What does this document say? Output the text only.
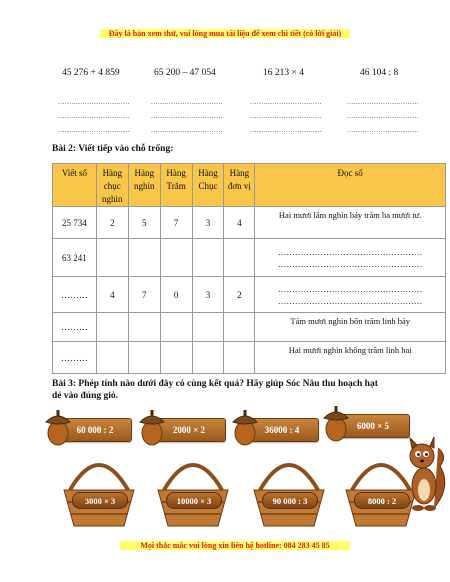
Đây là bản xem thử, vui lòng mua tài liệu để xem chi tiết (có lời giải)
45 276 + 4 859	65 200 – 47 054	16 213 × 4	46 104 : 8
................................	................................	................................	................................
................................	................................	................................	................................
................................	................................	................................	................................
Bài 2: Viết tiếp vào chỗ trống:
Viết số	Hàng chục nghìn	Hàng nghìn	Hàng Trăm	Hàng Chục	Hàng đơn vị	Đọc số
25 734	2	5	7	3	4	Hai mươi lăm nghìn bảy trăm ba mươi tư.
63 241						……………………………………………
……………………………………………

………	4	7	0	3	2	……………………………………………
……………………………………………

………						Tám mươi nghìn bốn trăm linh bảy
………						Hai mươi nghìn không trăm linh hai
Bài 3: Phép tính nào dưới đây có cùng kết quả? Hãy giúp Sóc Nâu thu hoạch hạt
dẻ vào đúng giỏ.
60 000 : 2	2000 × 2	36000 : 4	6000 × 5
3000 × 3	10000 × 3	90 000 : 3	8000 : 2
Mọi thắc mắc vui lòng xin liên hệ hotline: 084 283 45 85
